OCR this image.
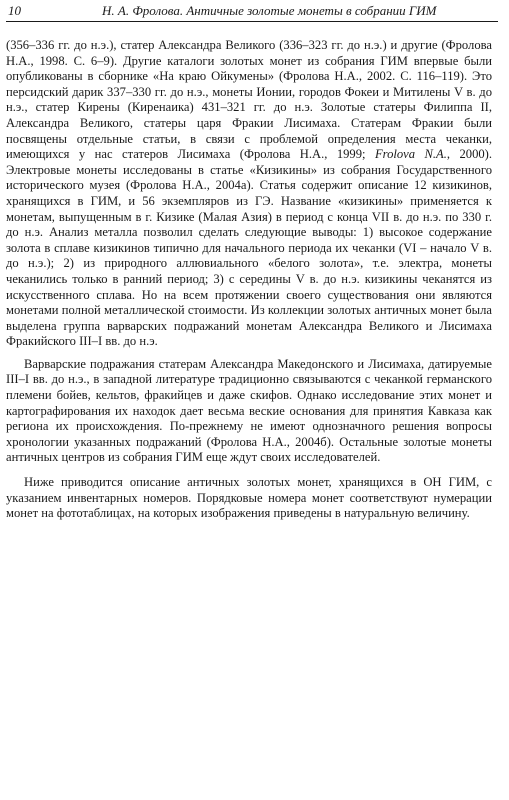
10	Н. А. Фролова. Античные золотые монеты в собрании ГИМ

(356–336 гг. до н.э.), статер Александра Великого (336–323 гг. до н.э.) и другие (Фролова Н.А., 1998. С. 6–9). Другие каталоги золотых монет из собрания ГИМ впервые были опубликованы в сборнике «На краю Ойкумены» (Фролова Н.А., 2002. С. 116–119). Это персидский дарик 337–330 гг. до н.э., монеты Ионии, городов Фокеи и Митилены V в. до н.э., статер Кирены (Киренаика) 431–321 гг. до н.э. Золотые статеры Филиппа II, Александра Великого, статеры царя Фракии Лисимаха. Статерам Фракии были посвящены отдельные статьи, в связи с проблемой определения места чеканки, имеющихся у нас статеров Лисимаха (Фролова Н.А., 1999; Frolova N.A., 2000). Электровые монеты исследованы в статье «Кизикины» из собрания Государственного исторического музея (Фролова Н.А., 2004а). Статья содержит описание 12 кизикинов, хранящихся в ГИМ, и 56 экземпляров из ГЭ. Название «кизикины» применяется к монетам, выпущенным в г. Кизике (Малая Азия) в период с конца VII в. до н.э. по 330 г. до н.э. Анализ металла позволил сделать следующие выводы: 1) высокое содержание золота в сплаве кизикинов типично для начального периода их чеканки (VI – начало V в. до н.э.); 2) из природного аллювиального «белого золота», т.е. электра, монеты чеканились только в ранний период; 3) с середины V в. до н.э. кизикины чеканятся из искусственного сплава. Но на всем протяжении своего существования они являются монетами полной металлической стоимости. Из коллекции золотых античных монет была выделена группа варварских подражаний монетам Александра Великого и Лисимаха Фракийского III–I вв. до н.э.

Варварские подражания статерам Александра Македонского и Лисимаха, датируемые III–I вв. до н.э., в западной литературе традиционно связываются с чеканкой германского племени бойев, кельтов, фракийцев и даже скифов. Однако исследование этих монет и картографирования их находок дает весьма веские основания для принятия Кавказа как региона их происхождения. По-прежнему не имеют однозначного решения вопросы хронологии указанных подражаний (Фролова Н.А., 2004б). Остальные золотые монеты античных центров из собрания ГИМ еще ждут своих исследователей.

Ниже приводится описание античных золотых монет, хранящихся в ОН ГИМ, с указанием инвентарных номеров. Порядковые номера монет соответствуют нумерации монет на фототаблицах, на которых изображения приведены в натуральную величину.
